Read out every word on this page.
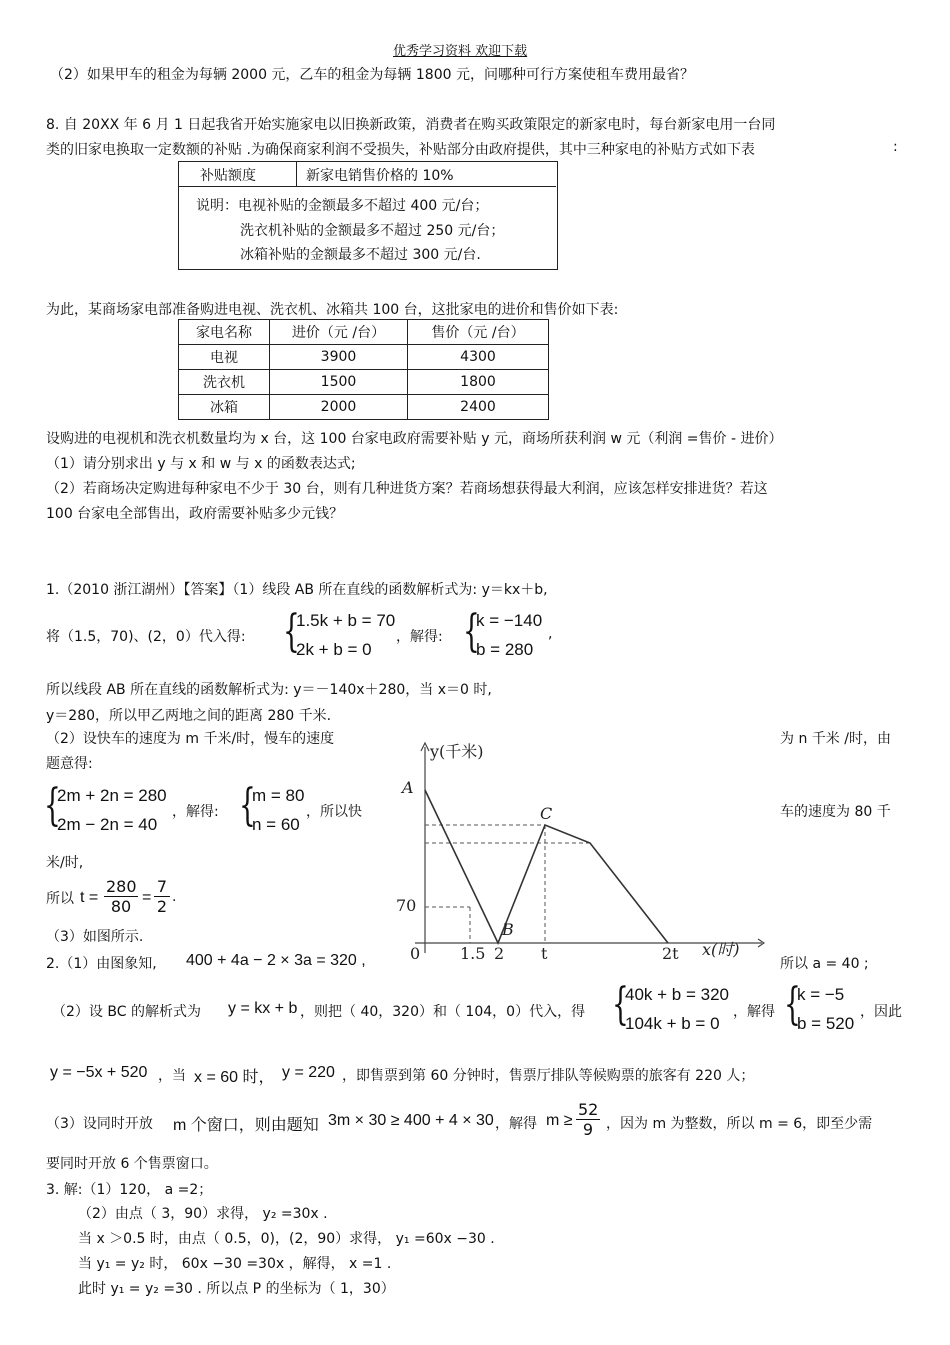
优秀学习资料 欢迎下载
（2）如果甲车的租金为每辆 2000 元，乙车的租金为每辆 1800 元，问哪种可行方案使租车费用最省？
8. 自 20XX 年 6 月 1 日起我省开始实施家电以旧换新政策，消费者在购买政策限定的新家电时，每台新家电用一台同
类的旧家电换取一定数额的补贴 .为确保商家利润不受损失，补贴部分由政府提供，其中三种家电的补贴方式如下表	:
补贴额度	新家电销售价格的 10%
说明：电视补贴的金额最多不超过 400 元/台；
洗衣机补贴的金额最多不超过 250 元/台；
冰箱补贴的金额最多不超过 300 元/台.
为此，某商场家电部准备购进电视、洗衣机、冰箱共 100 台，这批家电的进价和售价如下表:
家电名称	进价（元 /台）	售价（元 /台）
电视	3900	4300
洗衣机	1500	1800
冰箱	2000	2400
设购进的电视机和洗衣机数量均为 x 台，这 100 台家电政府需要补贴 y 元，商场所获利润 w 元（利润 =售价 - 进价）
（1）请分别求出 y 与 x 和 w 与 x 的函数表达式;
（2）若商场决定购进每种家电不少于 30 台，则有几种进货方案？若商场想获得最大利润，应该怎样安排进货？若这
100 台家电全部售出，政府需要补贴多少元钱？
1.（2010 浙江湖州）【答案】（1）线段 AB 所在直线的函数解析式为: y＝kx＋b,
将（1.5，70)、(2，0）代入得: {
1.5k + b = 70
2k + b = 0
，解得: {
k = −140
b = 280
,
所以线段 AB 所在直线的函数解析式为: y＝－140x＋280，当 x＝0 时,
y＝280，所以甲乙两地之间的距离 280 千米.
（2）设快车的速度为 m 千米/时，慢车的速度	为 n 千米 /时，由
题意得:
{
2m + 2n = 280
2m − 2n = 40
，解得: {
m = 80
n = 60
，所以快	车的速度为 80 千
米/时,
所以 $t = \frac{280}{80} = \frac{7}{2}$ .
（3）如图所示.
y(千米)
x(时)
A
B
C
0 1.5 2 t	2t
70
2.（1）由图象知, 400 + 4a − 2 × 3a = 320 ,	所以 a = 40 ;
（2）设 BC 的解析式为 y = kx + b ，则把（ 40，320）和（ 104，0）代入，得 {
40k + b = 320
104k + b = 0
，解得 {
k = −5
b = 520
，因此
y = −5x + 520 ，当 x = 60 时， y = 220 ，即售票到第 60 分钟时，售票厅排队等候购票的旅客有 220 人；
（3）设同时开放 m 个窗口，则由题知 3m × 30 ≥ 400 + 4 × 30 ，解得 $m \ge \frac{52}{9}$ ，因为 m 为整数，所以 m = 6，即至少需
要同时开放 6 个售票窗口。
3. 解:（1）120， a =2；
（2）由点（ 3，90）求得， y₂ =30x .
当 x ＞0.5 时，由点（ 0.5，0)，(2，90）求得， y₁ =60x −30 .
当 y₁ = y₂ 时， 60x −30 =30x ，解得， x =1 .
此时 y₁ = y₂ =30 . 所以点 P 的坐标为（ 1，30）
